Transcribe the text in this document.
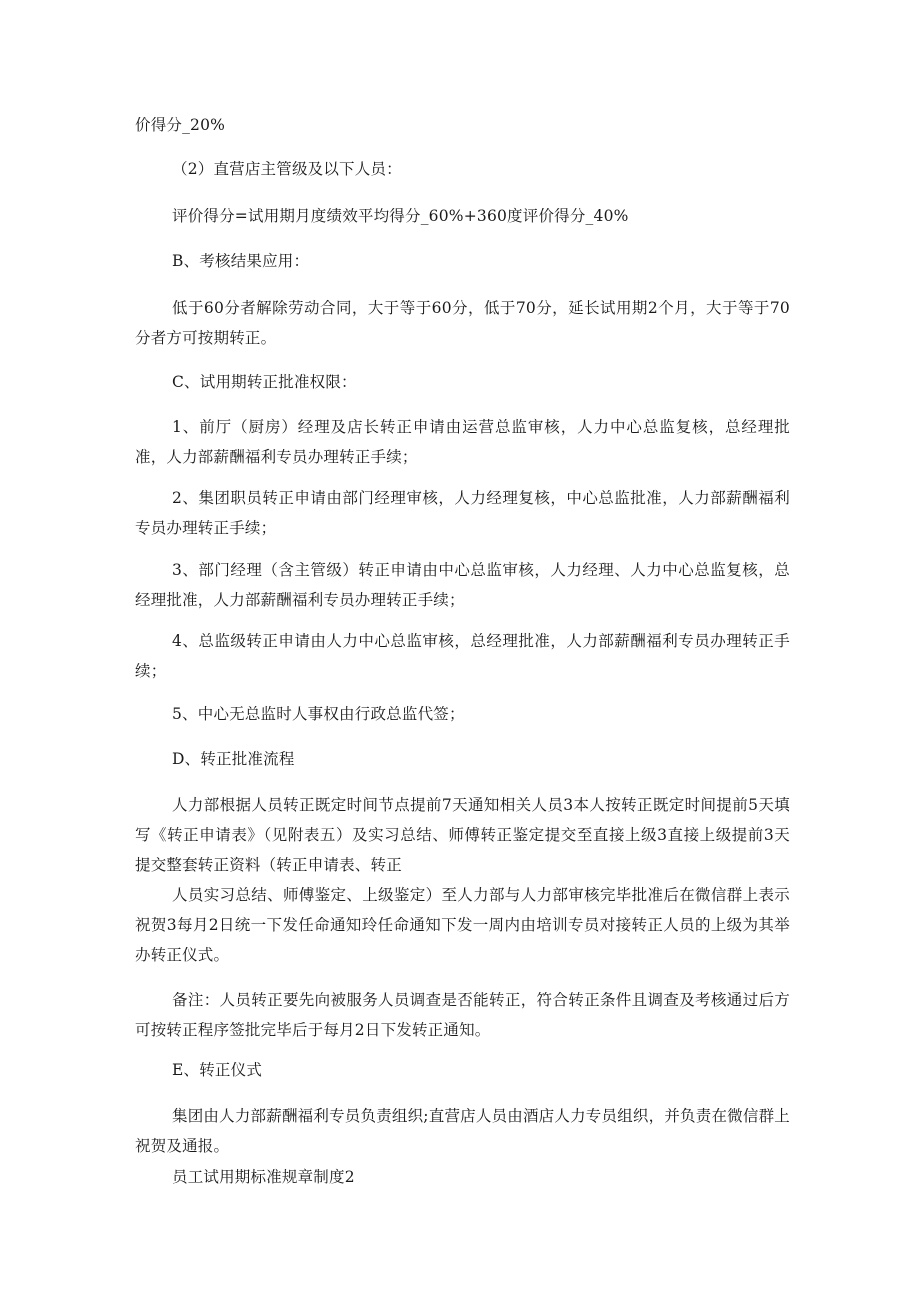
价得分_20%

（2）直营店主管级及以下人员：

评价得分=试用期月度绩效平均得分_60%+360度评价得分_40%

B、考核结果应用：

低于60分者解除劳动合同，大于等于60分，低于70分，延长试用期2个月，大于等于70分者方可按期转正。

C、试用期转正批准权限：

1、前厅（厨房）经理及店长转正申请由运营总监审核，人力中心总监复核，总经理批准，人力部薪酬福利专员办理转正手续；

2、集团职员转正申请由部门经理审核，人力经理复核，中心总监批准，人力部薪酬福利专员办理转正手续；

3、部门经理（含主管级）转正申请由中心总监审核，人力经理、人力中心总监复核，总经理批准，人力部薪酬福利专员办理转正手续；

4、总监级转正申请由人力中心总监审核，总经理批准，人力部薪酬福利专员办理转正手续；

5、中心无总监时人事权由行政总监代签；

D、转正批准流程

人力部根据人员转正既定时间节点提前7天通知相关人员3本人按转正既定时间提前5天填写《转正申请表》（见附表五）及实习总结、师傅转正鉴定提交至直接上级3直接上级提前3天提交整套转正资料（转正申请表、转正

人员实习总结、师傅鉴定、上级鉴定）至人力部与人力部审核完毕批准后在微信群上表示祝贺3每月2日统一下发任命通知玲任命通知下发一周内由培训专员对接转正人员的上级为其举办转正仪式。

备注：人员转正要先向被服务人员调查是否能转正，符合转正条件且调查及考核通过后方可按转正程序签批完毕后于每月2日下发转正通知。

E、转正仪式

集团由人力部薪酬福利专员负责组织;直营店人员由酒店人力专员组织，并负责在微信群上祝贺及通报。

员工试用期标准规章制度2
